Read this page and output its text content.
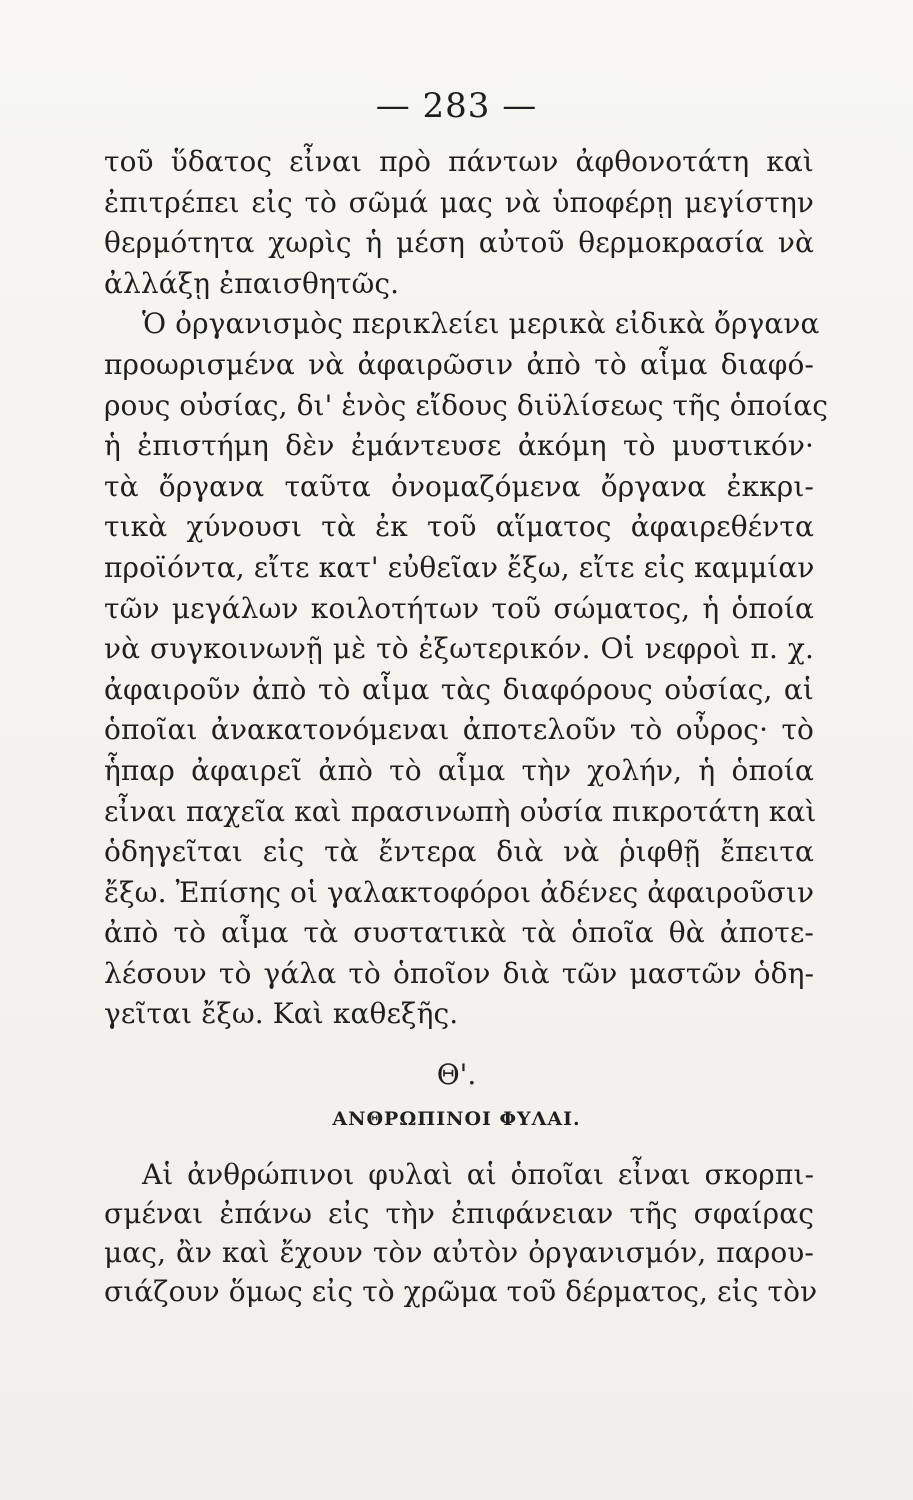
— 283 —
τοῦ ὕδατος εἶναι πρὸ πάντων ἀφθονοτάτη καὶ
ἐπιτρέπει εἰς τὸ σῶμά μας νὰ ὑποφέρῃ μεγίστην
θερμότητα χωρὶς ἡ μέση αὐτοῦ θερμοκρασία νὰ
ἀλλάξῃ ἐπαισθητῶς.
Ὁ ὀργανισμὸς περικλείει μερικὰ εἰδικὰ ὄργανα
προωρισμένα νὰ ἀφαιρῶσιν ἀπὸ τὸ αἷμα διαφό-
ρους οὐσίας, δι' ἑνὸς εἴδους διϋλίσεως τῆς ὁποίας
ἡ ἐπιστήμη δὲν ἐμάντευσε ἀκόμη τὸ μυστικόν·
τὰ ὄργανα ταῦτα ὀνομαζόμενα ὄργανα ἐκκρι-
τικὰ χύνουσι τὰ ἐκ τοῦ αἵματος ἀφαιρεθέντα
προϊόντα, εἴτε κατ' εὐθεῖαν ἔξω, εἴτε εἰς καμμίαν
τῶν μεγάλων κοιλοτήτων τοῦ σώματος, ἡ ὁποία
νὰ συγκοινωνῇ μὲ τὸ ἐξωτερικόν. Οἱ νεφροὶ π. χ.
ἀφαιροῦν ἀπὸ τὸ αἷμα τὰς διαφόρους οὐσίας, αἱ
ὁποῖαι ἀνακατονόμεναι ἀποτελοῦν τὸ οὖρος· τὸ
ἧπαρ ἀφαιρεῖ ἀπὸ τὸ αἷμα τὴν χολήν, ἡ ὁποία
εἶναι παχεῖα καὶ πρασινωπὴ οὐσία πικροτάτη καὶ
ὁδηγεῖται εἰς τὰ ἔντερα διὰ νὰ ῥιφθῇ ἔπειτα
ἔξω. Ἐπίσης οἱ γαλακτοφόροι ἀδένες ἀφαιροῦσιν
ἀπὸ τὸ αἷμα τὰ συστατικὰ τὰ ὁποῖα θὰ ἀποτε-
λέσουν τὸ γάλα τὸ ὁποῖον διὰ τῶν μαστῶν ὁδη-
γεῖται ἔξω. Καὶ καθεξῆς.
Θ'.
ΑΝΘΡΩΠΙΝΟΙ ΦΥΛΑΙ.
Αἱ ἀνθρώπινοι φυλαὶ αἱ ὁποῖαι εἶναι σκορπι-
σμέναι ἐπάνω εἰς τὴν ἐπιφάνειαν τῆς σφαίρας
μας, ἂν καὶ ἔχουν τὸν αὐτὸν ὀργανισμόν, παρου-
σιάζουν ὅμως εἰς τὸ χρῶμα τοῦ δέρματος, εἰς τὸν
